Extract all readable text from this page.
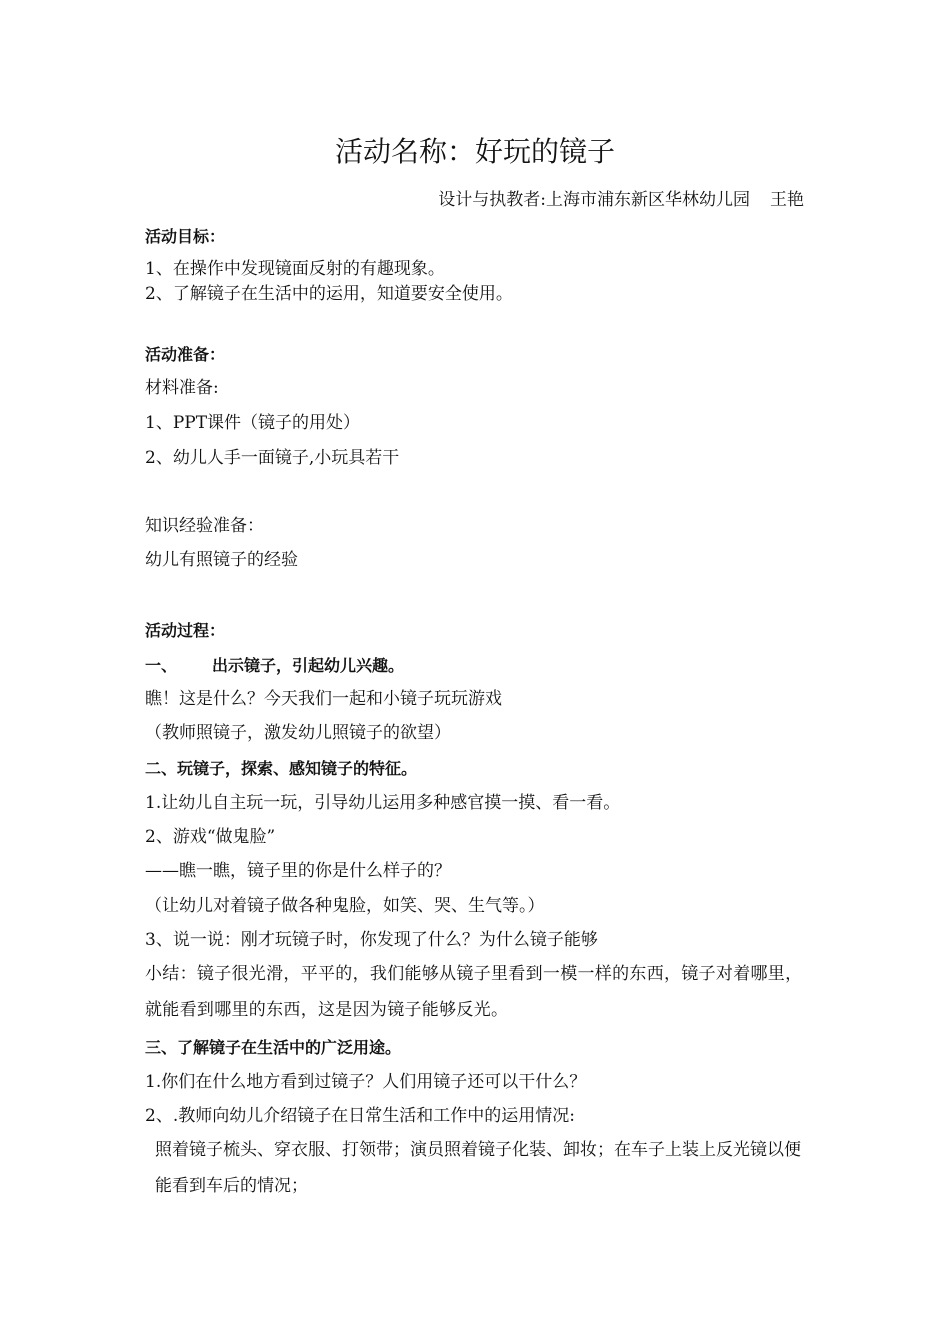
活动名称：好玩的镜子
设计与执教者:上海市浦东新区华林幼儿园 王艳
活动目标：
1、在操作中发现镜面反射的有趣现象。
2、了解镜子在生活中的运用，知道要安全使用。
活动准备：
材料准备:
1、PPT课件（镜子的用处）
2、幼儿人手一面镜子,小玩具若干
知识经验准备：
幼儿有照镜子的经验
活动过程：
一、 出示镜子，引起幼儿兴趣。
瞧！这是什么？今天我们一起和小镜子玩玩游戏
（教师照镜子，激发幼儿照镜子的欲望）
二、玩镜子，探索、感知镜子的特征。
1.让幼儿自主玩一玩，引导幼儿运用多种感官摸一摸、看一看。
2、游戏“做鬼脸”
——瞧一瞧，镜子里的你是什么样子的？
（让幼儿对着镜子做各种鬼脸，如笑、哭、生气等。）
3、说一说：刚才玩镜子时，你发现了什么？为什么镜子能够
小结：镜子很光滑，平平的，我们能够从镜子里看到一模一样的东西，镜子对着哪里，就能看到哪里的东西，这是因为镜子能够反光。
三、了解镜子在生活中的广泛用途。
1.你们在什么地方看到过镜子？人们用镜子还可以干什么？
2、.教师向幼儿介绍镜子在日常生活和工作中的运用情况:
照着镜子梳头、穿衣服、打领带；演员照着镜子化装、卸妆；在车子上装上反光镜以便能看到车后的情况；
